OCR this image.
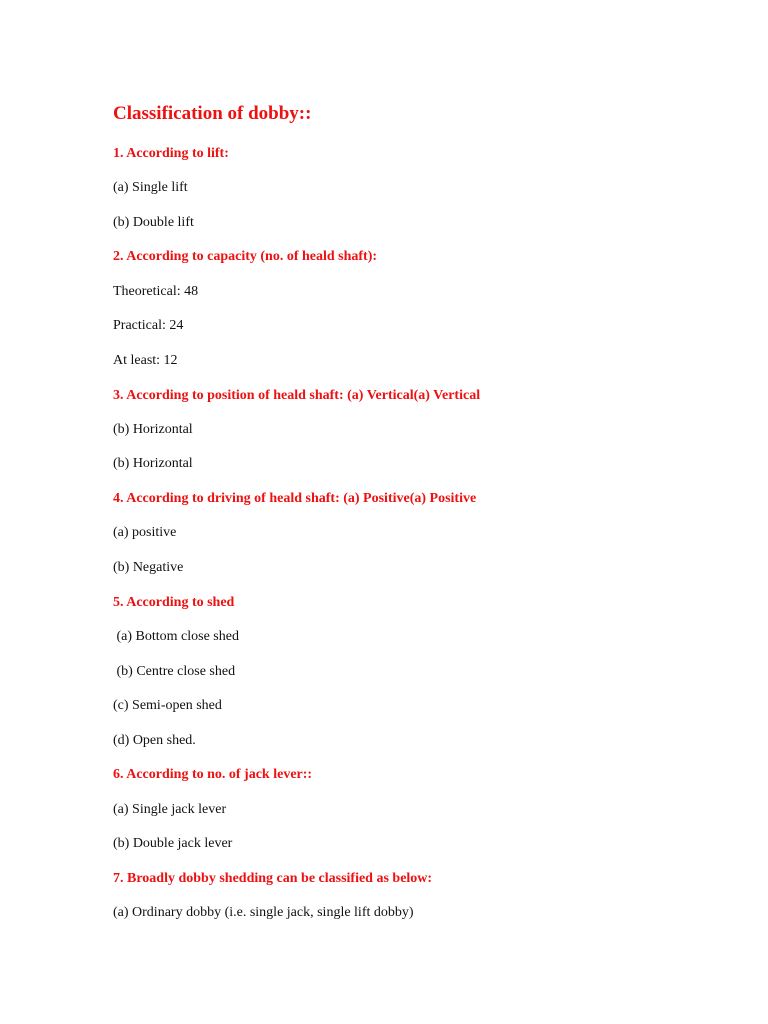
Classification of dobby::
1. According to lift:
(a) Single lift
(b) Double lift
2. According to capacity (no. of heald shaft):
Theoretical: 48
Practical: 24
At least: 12
3. According to position of heald shaft: (a) Vertical(a) Vertical
(b) Horizontal
(b) Horizontal
4. According to driving of heald shaft: (a) Positive(a) Positive
(a) positive
(b) Negative
5. According to shed
(a) Bottom close shed
(b) Centre close shed
(c) Semi-open shed
(d) Open shed.
6. According to no. of jack lever::
(a) Single jack lever
(b) Double jack lever
7. Broadly dobby shedding can be classified as below:
(a) Ordinary dobby (i.e. single jack, single lift dobby)
